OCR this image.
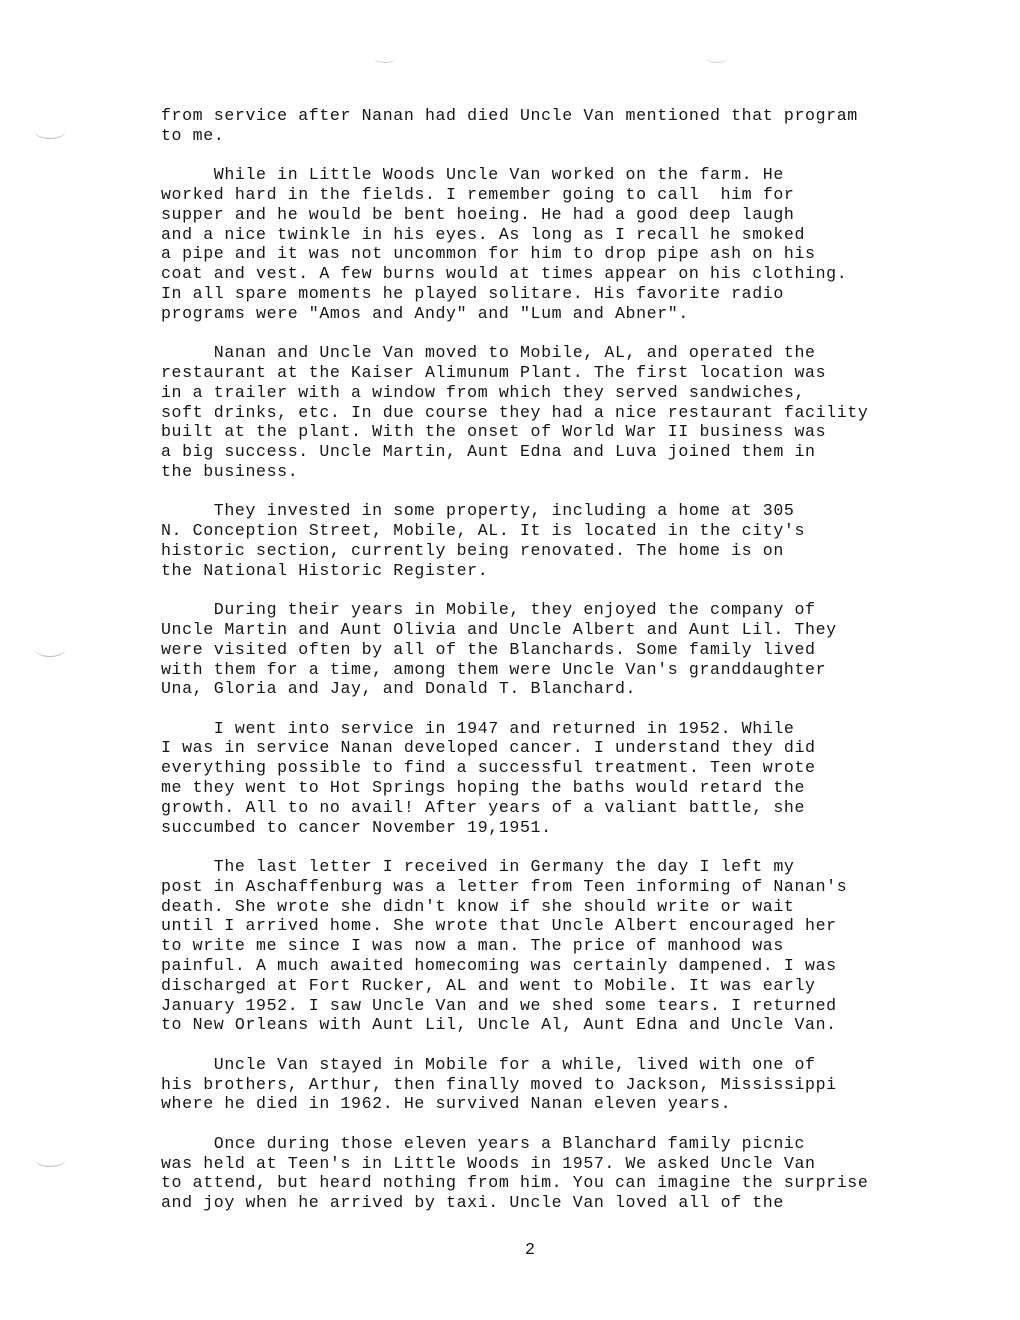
from service after Nanan had died Uncle Van mentioned that program
to me.
While in Little Woods Uncle Van worked on the farm. He
worked hard in the fields. I remember going to call  him for
supper and he would be bent hoeing. He had a good deep laugh
and a nice twinkle in his eyes. As long as I recall he smoked
a pipe and it was not uncommon for him to drop pipe ash on his
coat and vest. A few burns would at times appear on his clothing.
In all spare moments he played solitare. His favorite radio
programs were "Amos and Andy" and "Lum and Abner".
Nanan and Uncle Van moved to Mobile, AL, and operated the
restaurant at the Kaiser Alimunum Plant. The first location was
in a trailer with a window from which they served sandwiches,
soft drinks, etc. In due course they had a nice restaurant facility
built at the plant. With the onset of World War II business was
a big success. Uncle Martin, Aunt Edna and Luva joined them in
the business.
They invested in some property, including a home at 305
N. Conception Street, Mobile, AL. It is located in the city's
historic section, currently being renovated. The home is on
the National Historic Register.
During their years in Mobile, they enjoyed the company of
Uncle Martin and Aunt Olivia and Uncle Albert and Aunt Lil. They
were visited often by all of the Blanchards. Some family lived
with them for a time, among them were Uncle Van's granddaughter
Una, Gloria and Jay, and Donald T. Blanchard.
I went into service in 1947 and returned in 1952. While
I was in service Nanan developed cancer. I understand they did
everything possible to find a successful treatment. Teen wrote
me they went to Hot Springs hoping the baths would retard the
growth. All to no avail! After years of a valiant battle, she
succumbed to cancer November 19,1951.
The last letter I received in Germany the day I left my
post in Aschaffenburg was a letter from Teen informing of Nanan's
death. She wrote she didn't know if she should write or wait
until I arrived home. She wrote that Uncle Albert encouraged her
to write me since I was now a man. The price of manhood was
painful. A much awaited homecoming was certainly dampened. I was
discharged at Fort Rucker, AL and went to Mobile. It was early
January 1952. I saw Uncle Van and we shed some tears. I returned
to New Orleans with Aunt Lil, Uncle Al, Aunt Edna and Uncle Van.
Uncle Van stayed in Mobile for a while, lived with one of
his brothers, Arthur, then finally moved to Jackson, Mississippi
where he died in 1962. He survived Nanan eleven years.
Once during those eleven years a Blanchard family picnic
was held at Teen's in Little Woods in 1957. We asked Uncle Van
to attend, but heard nothing from him. You can imagine the surprise
and joy when he arrived by taxi. Uncle Van loved all of the
2
